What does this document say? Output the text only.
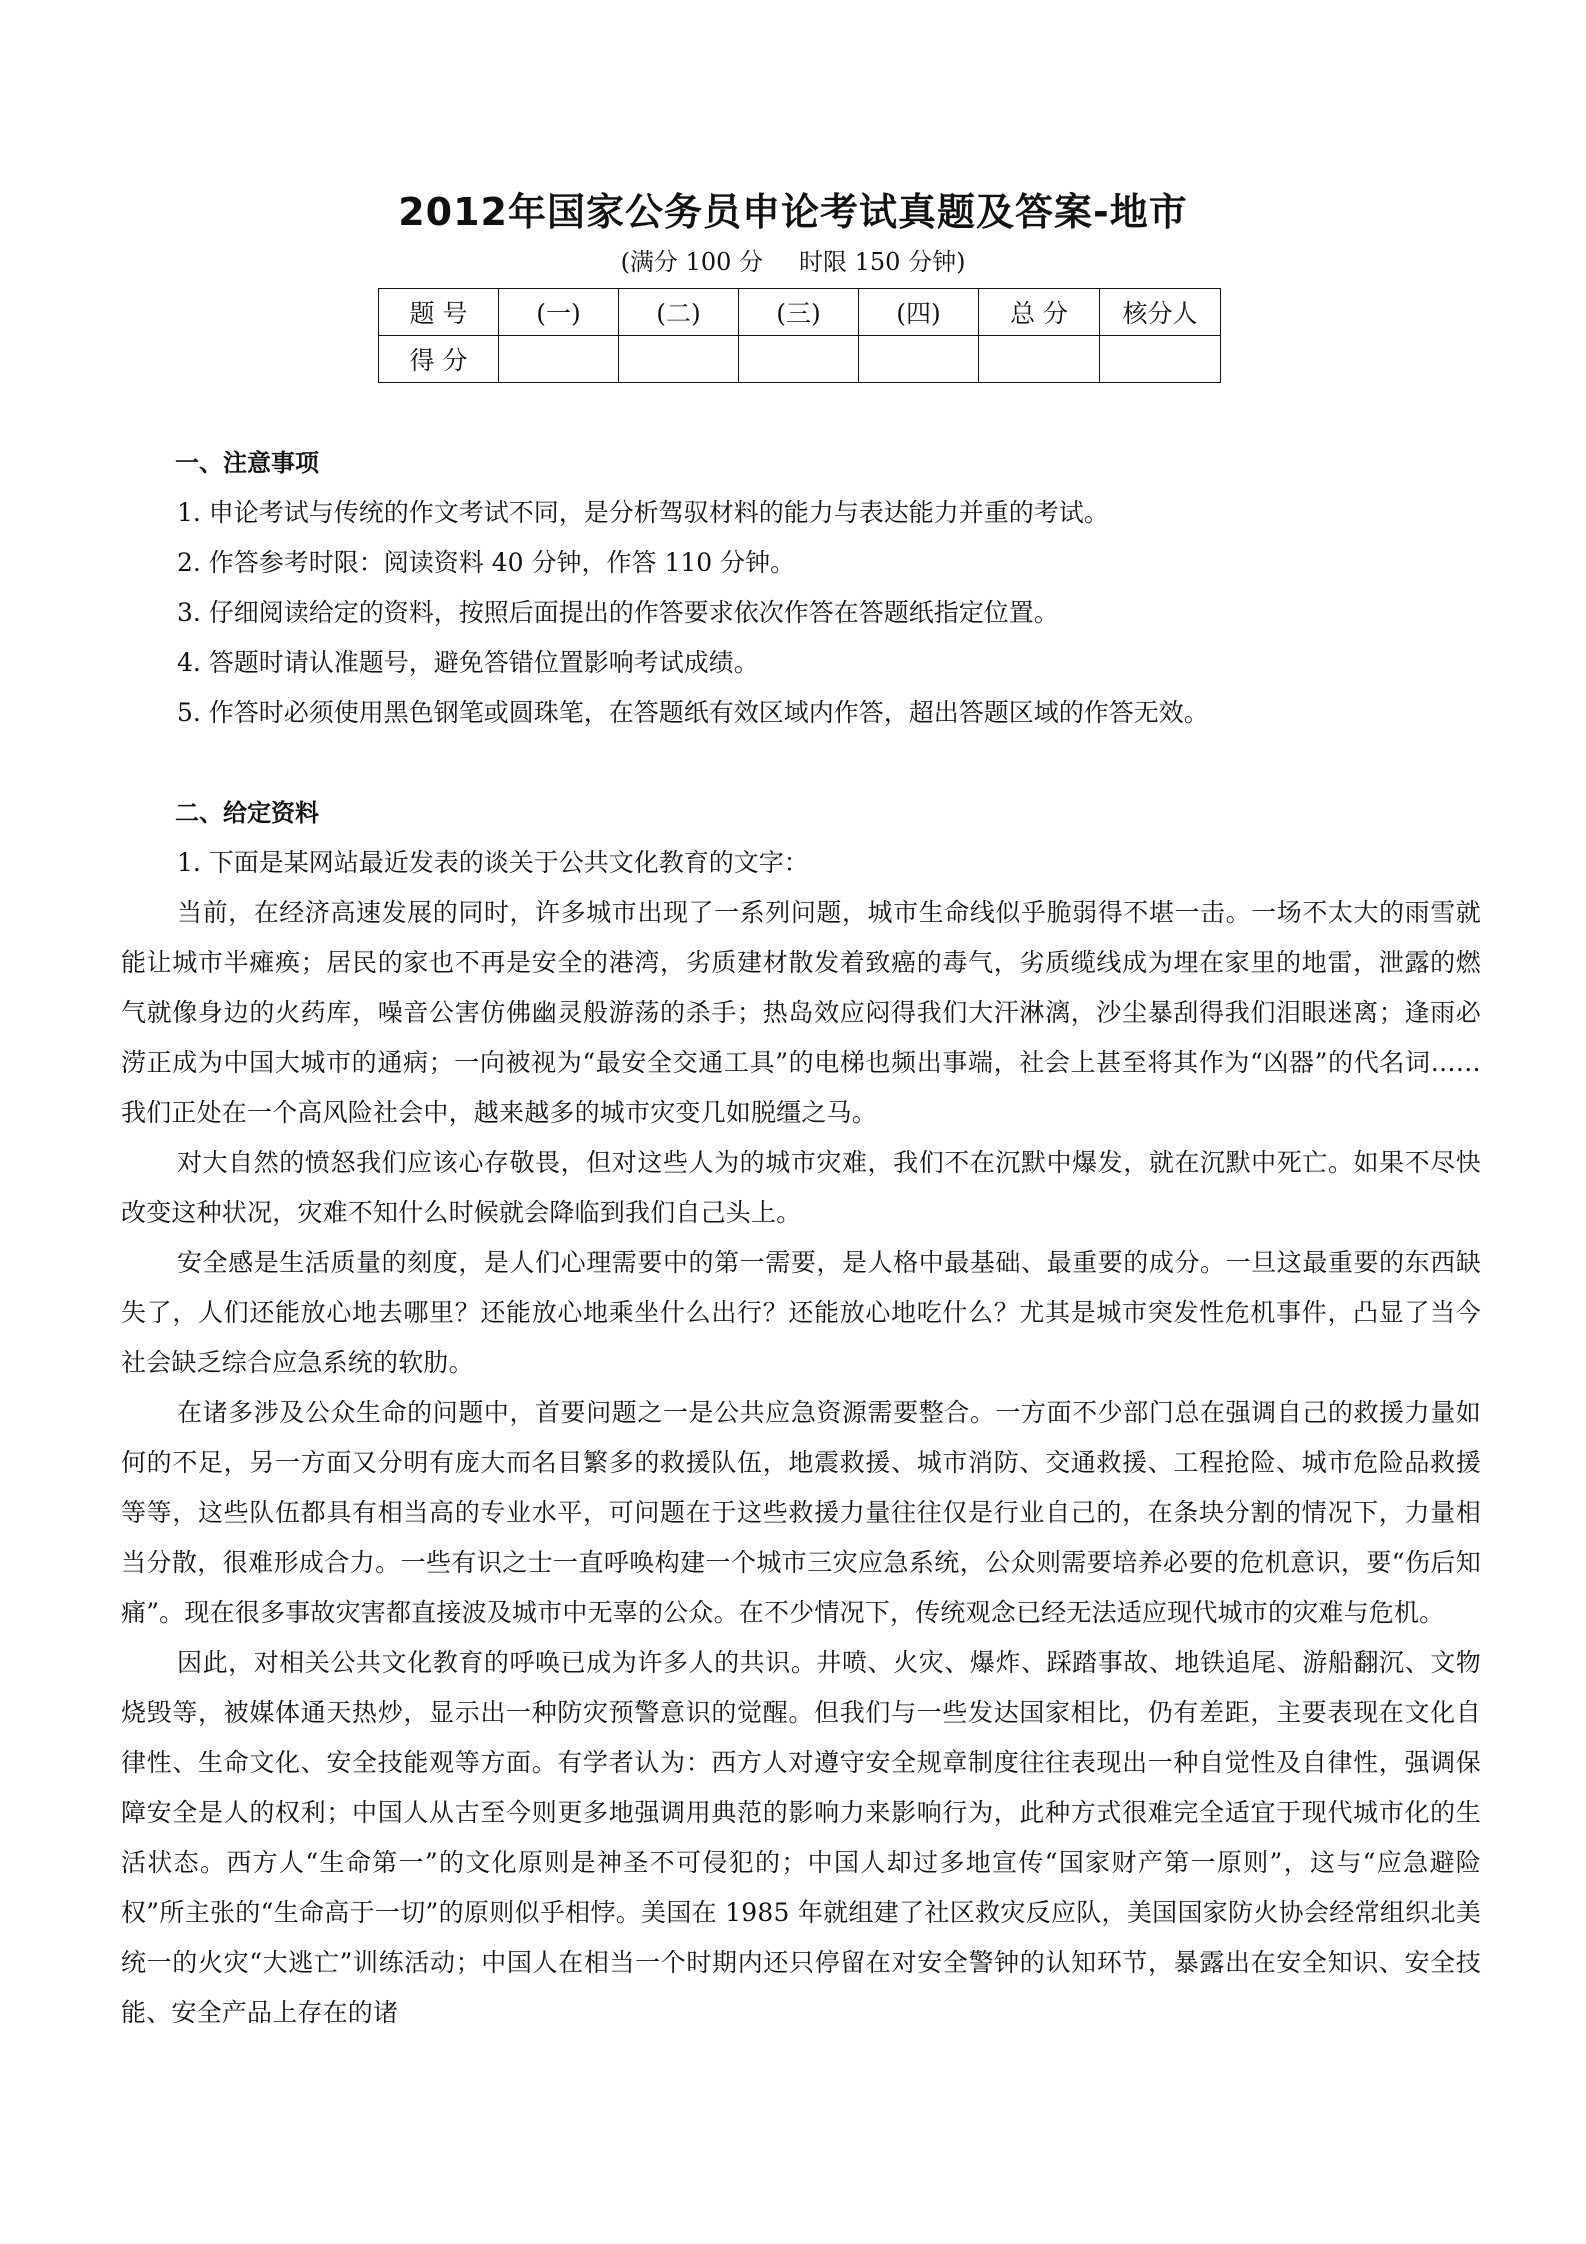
2012年国家公务员申论考试真题及答案-地市
(满分 100 分 时限 150 分钟)
题 号	(一)	(二)	(三)	(四)	总 分	核分人
得 分						
一、注意事项
1. 申论考试与传统的作文考试不同，是分析驾驭材料的能力与表达能力并重的考试。
2. 作答参考时限：阅读资料 40 分钟，作答 110 分钟。
3. 仔细阅读给定的资料，按照后面提出的作答要求依次作答在答题纸指定位置。
4. 答题时请认准题号，避免答错位置影响考试成绩。
5. 作答时必须使用黑色钢笔或圆珠笔，在答题纸有效区域内作答，超出答题区域的作答无效。
二、给定资料
1. 下面是某网站最近发表的谈关于公共文化教育的文字：

当前，在经济高速发展的同时，许多城市出现了一系列问题，城市生命线似乎脆弱得不堪一击。一场不太大的雨雪就能让城市半瘫痪；居民的家也不再是安全的港湾，劣质建材散发着致癌的毒气，劣质缆线成为埋在家里的地雷，泄露的燃气就像身边的火药库，噪音公害仿佛幽灵般游荡的杀手；热岛效应闷得我们大汗淋漓，沙尘暴刮得我们泪眼迷离；逢雨必涝正成为中国大城市的通病；一向被视为“最安全交通工具”的电梯也频出事端，社会上甚至将其作为“凶器”的代名词……我们正处在一个高风险社会中，越来越多的城市灾变几如脱缰之马。

对大自然的愤怒我们应该心存敬畏，但对这些人为的城市灾难，我们不在沉默中爆发，就在沉默中死亡。如果不尽快改变这种状况，灾难不知什么时候就会降临到我们自己头上。

安全感是生活质量的刻度，是人们心理需要中的第一需要，是人格中最基础、最重要的成分。一旦这最重要的东西缺失了，人们还能放心地去哪里？还能放心地乘坐什么出行？还能放心地吃什么？尤其是城市突发性危机事件，凸显了当今社会缺乏综合应急系统的软肋。

在诸多涉及公众生命的问题中，首要问题之一是公共应急资源需要整合。一方面不少部门总在强调自己的救援力量如何的不足，另一方面又分明有庞大而名目繁多的救援队伍，地震救援、城市消防、交通救援、工程抢险、城市危险品救援等等，这些队伍都具有相当高的专业水平，可问题在于这些救援力量往往仅是行业自己的，在条块分割的情况下，力量相当分散，很难形成合力。一些有识之士一直呼唤构建一个城市三灾应急系统，公众则需要培养必要的危机意识，要“伤后知痛”。现在很多事故灾害都直接波及城市中无辜的公众。在不少情况下，传统观念已经无法适应现代城市的灾难与危机。

因此，对相关公共文化教育的呼唤已成为许多人的共识。井喷、火灾、爆炸、踩踏事故、地铁追尾、游船翻沉、文物烧毁等，被媒体通天热炒，显示出一种防灾预警意识的觉醒。但我们与一些发达国家相比，仍有差距，主要表现在文化自律性、生命文化、安全技能观等方面。有学者认为：西方人对遵守安全规章制度往往表现出一种自觉性及自律性，强调保障安全是人的权利；中国人从古至今则更多地强调用典范的影响力来影响行为，此种方式很难完全适宜于现代城市化的生活状态。西方人“生命第一”的文化原则是神圣不可侵犯的；中国人却过多地宣传“国家财产第一原则”，这与“应急避险权”所主张的“生命高于一切”的原则似乎相悖。美国在 1985 年就组建了社区救灾反应队，美国国家防火协会经常组织北美统一的火灾“大逃亡”训练活动；中国人在相当一个时期内还只停留在对安全警钟的认知环节，暴露出在安全知识、安全技能、安全产品上存在的诸
